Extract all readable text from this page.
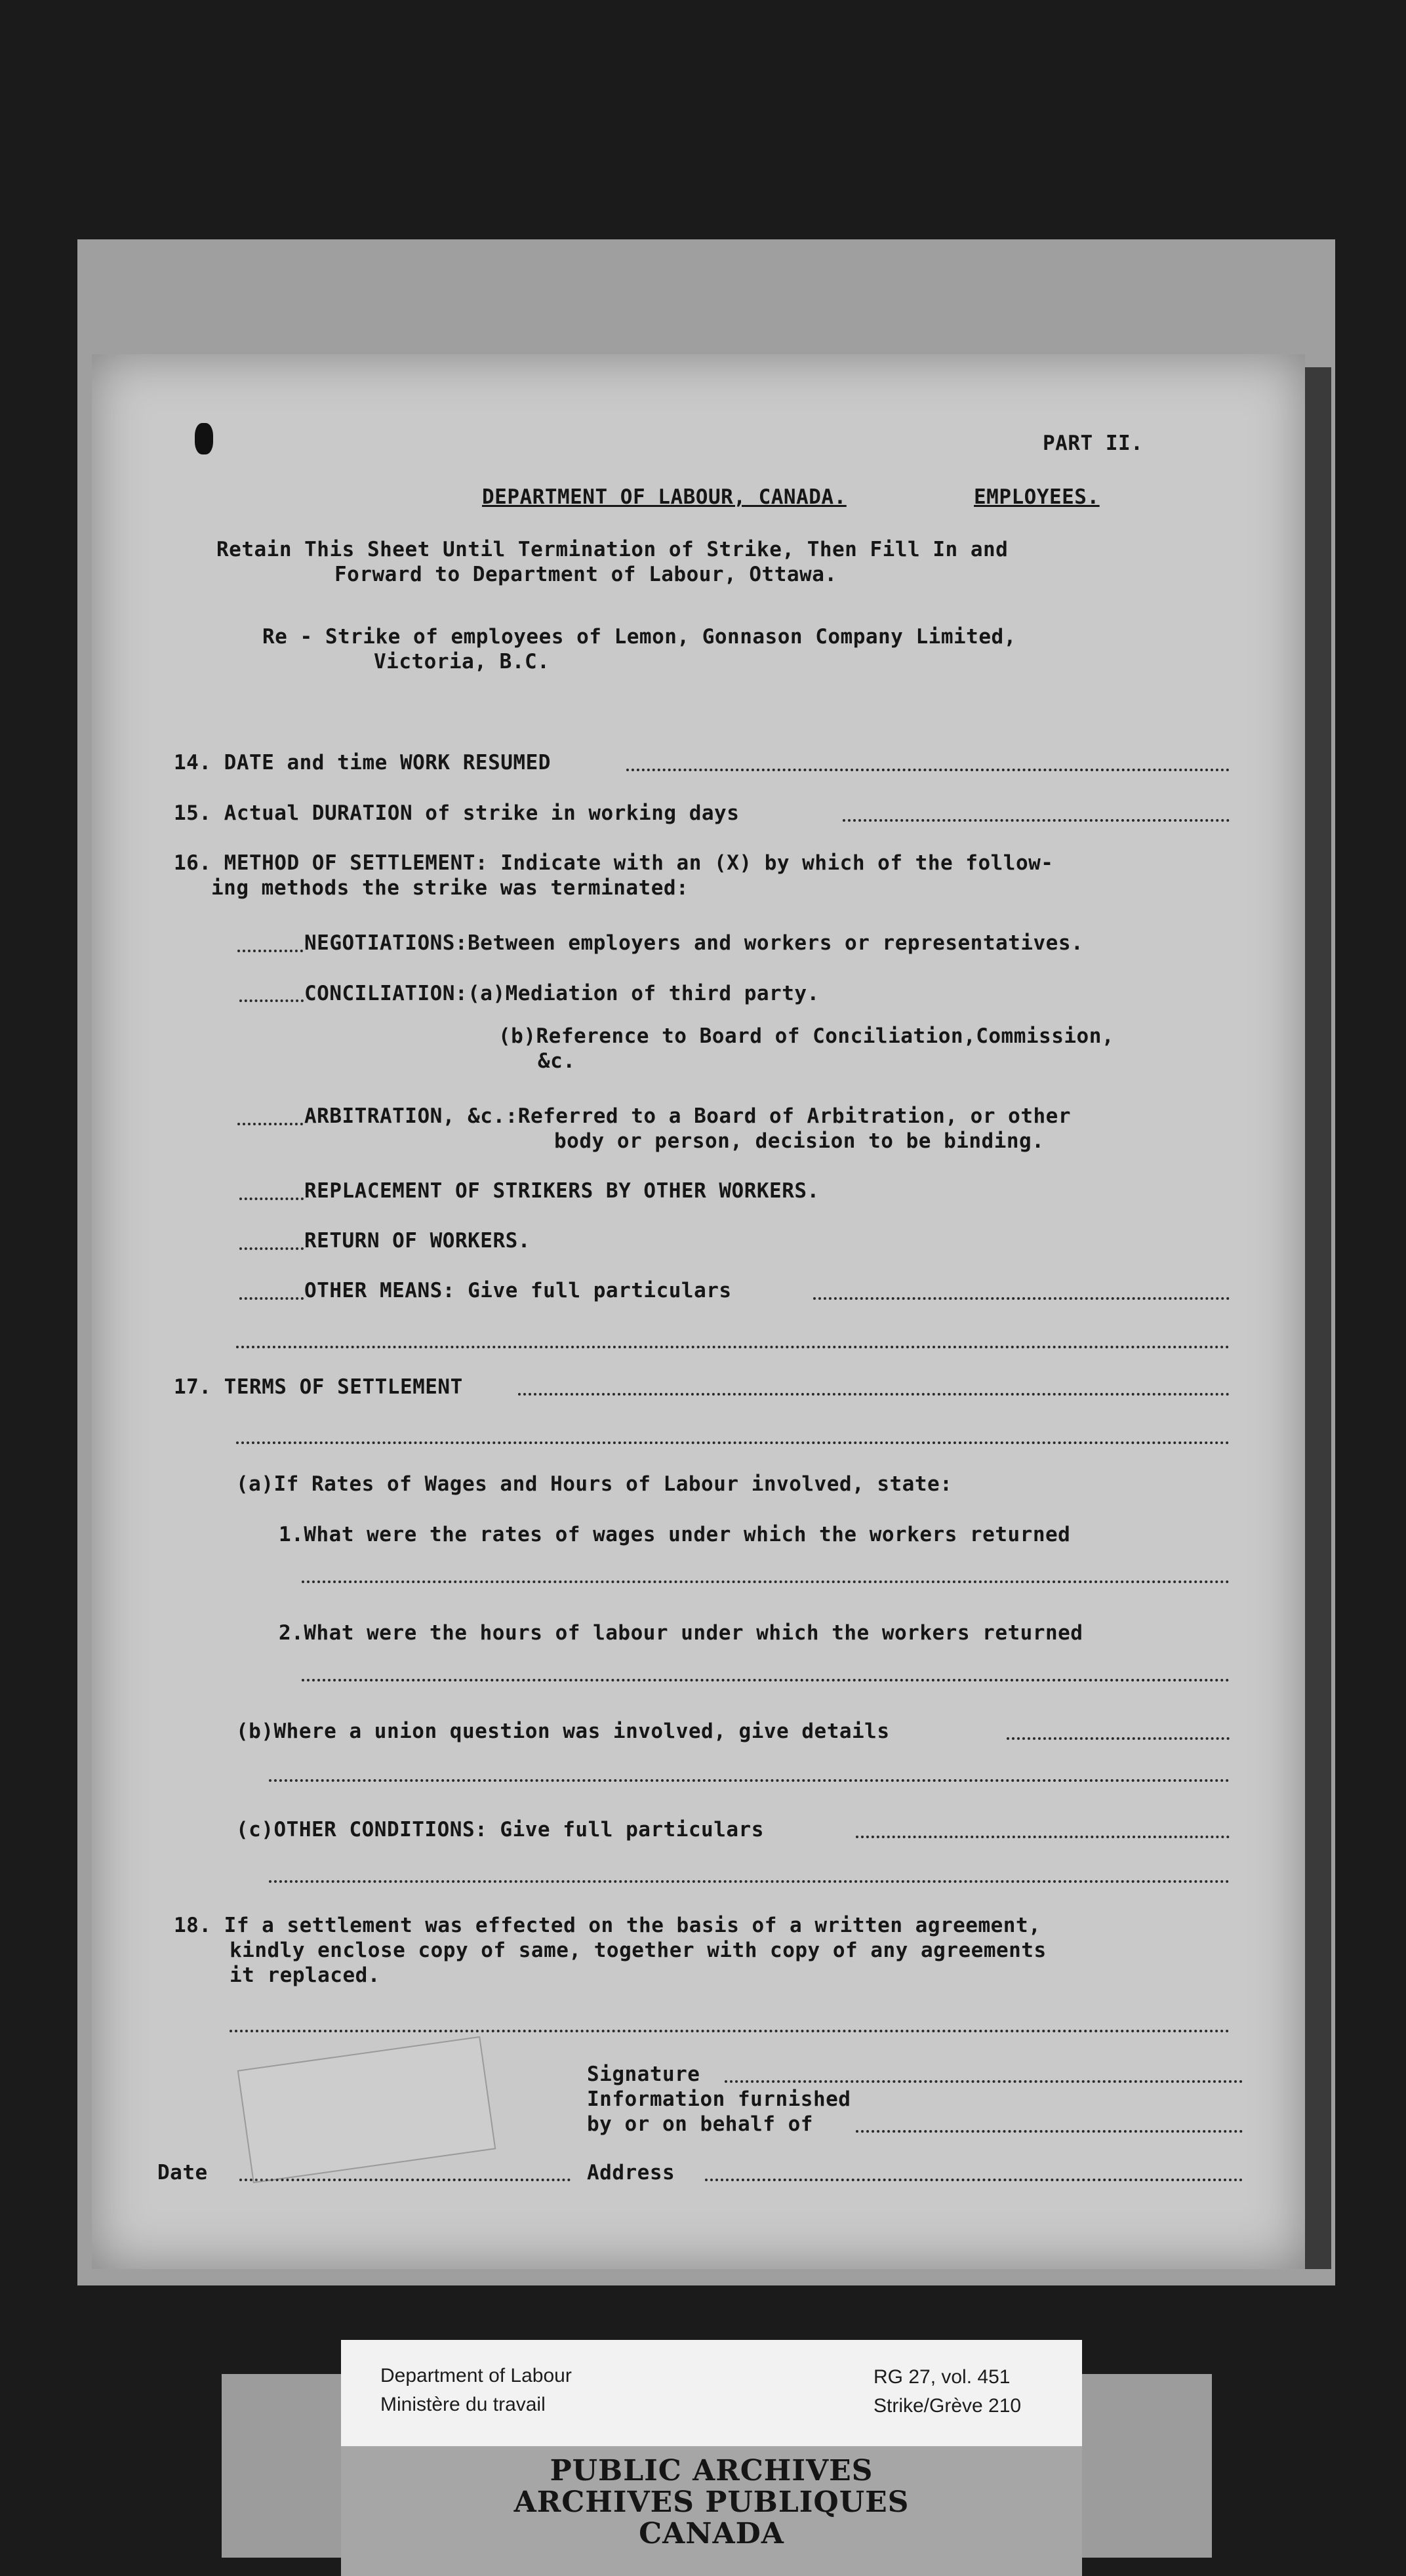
PART II.
DEPARTMENT OF LABOUR, CANADA.	EMPLOYEES.
Retain This Sheet Until Termination of Strike, Then Fill In and
Forward to Department of Labour, Ottawa.
Re - Strike of employees of Lemon, Gonnason Company Limited,
Victoria, B.C.
14. DATE and time WORK RESUMED
15. Actual DURATION of strike in working days
16. METHOD OF SETTLEMENT: Indicate with an (X) by which of the follow-
ing methods the strike was terminated:
NEGOTIATIONS:Between employers and workers or representatives.
CONCILIATION:(a)Mediation of third party.
(b)Reference to Board of Conciliation,Commission,
&c.
ARBITRATION, &c.:Referred to a Board of Arbitration, or other
body or person, decision to be binding.
REPLACEMENT OF STRIKERS BY OTHER WORKERS.
RETURN OF WORKERS.
OTHER MEANS: Give full particulars
17. TERMS OF SETTLEMENT
(a)If Rates of Wages and Hours of Labour involved, state:
1.What were the rates of wages under which the workers returned
2.What were the hours of labour under which the workers returned
(b)Where a union question was involved, give details
(c)OTHER CONDITIONS: Give full particulars
18. If a settlement was effected on the basis of a written agreement,
kindly enclose copy of same, together with copy of any agreements
it replaced.
Signature
Information furnished
by or on behalf of
Date	Address
Department of Labour
Ministère du travail
RG 27, vol. 451
Strike/Grève 210
PUBLIC ARCHIVES
ARCHIVES PUBLIQUES
CANADA
